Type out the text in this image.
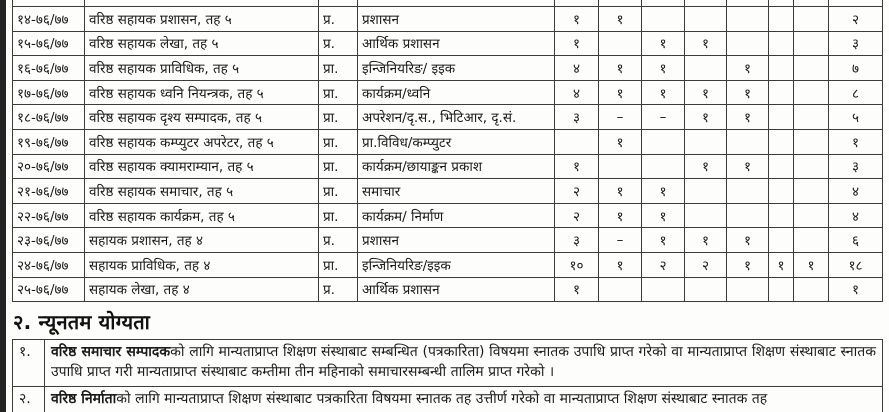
१४-७६/७७	वरिष्ठ सहायक प्रशासन, तह ५	प्र.	प्रशासन	१	१						२
१५-७६/७७	वरिष्ठ सहायक लेखा, तह ५	प्र.	आर्थिक प्रशासन	१		१	१				३
१६-७६/७७	वरिष्ठ सहायक प्राविधिक, तह ५	प्रा.	इन्जिनियरिङ/ इइक	४	१	१		१			७
१७-७६/७७	वरिष्ठ सहायक ध्वनि नियन्त्रक, तह ५	प्रा.	कार्यक्रम/ध्वनि	४	१	१	१	१			८
१८-७६/७७	वरिष्ठ सहायक दृश्य सम्पादक, तह ५	प्रा.	अपरेशन/दृ.स., भिटिआर, दृ.सं.	३	–	–	१	१			५
१९-७६/७७	वरिष्ठ सहायक कम्प्युटर अपरेटर, तह ५	प्रा.	प्रा.विविध/कम्प्युटर		१						१
२०-७६/७७	वरिष्ठ सहायक क्यामराम्यान, तह ५	प्रा.	कार्यक्रम/छायाङ्कन प्रकाश	१			१	१			३
२१-७६/७७	वरिष्ठ सहायक समाचार, तह ५	प्रा.	समाचार	२	१	१					४
२२-७६/७७	वरिष्ठ सहायक कार्यक्रम, तह ५	प्रा.	कार्यक्रम/ निर्माण	२	१	१					४
२३-७६/७७	सहायक प्रशासन, तह ४	प्र.	प्रशासन	३	–	१	१	१			६
२४-७६/७७	सहायक प्राविधिक, तह ४	प्रा.	इन्जिनियरिङ/इइक	१०	१	२	२	१	१	१	१८
२५-७६/७७	सहायक लेखा, तह ४	प्र.	आर्थिक प्रशासन	१							१
२. न्यूनतम योग्यता
१.	वरिष्ठ समाचार सम्पादकको लागि मान्यताप्राप्त शिक्षण संस्थाबाट सम्बन्धित (पत्रकारिता) विषयमा स्नातक उपाधि प्राप्त गरेको वा मान्यताप्राप्त शिक्षण संस्थाबाट स्नातक उपाधि प्राप्त गरी मान्यताप्राप्त संस्थाबाट कम्तीमा तीन महिनाको समाचारसम्बन्धी तालिम प्राप्त गरेको ।
२.	वरिष्ठ निर्माताको लागि मान्यताप्राप्त शिक्षण संस्थाबाट पत्रकारिता विषयमा स्नातक तह उत्तीर्ण गरेको वा मान्यताप्राप्त शिक्षण संस्थाबाट स्नातक तह
